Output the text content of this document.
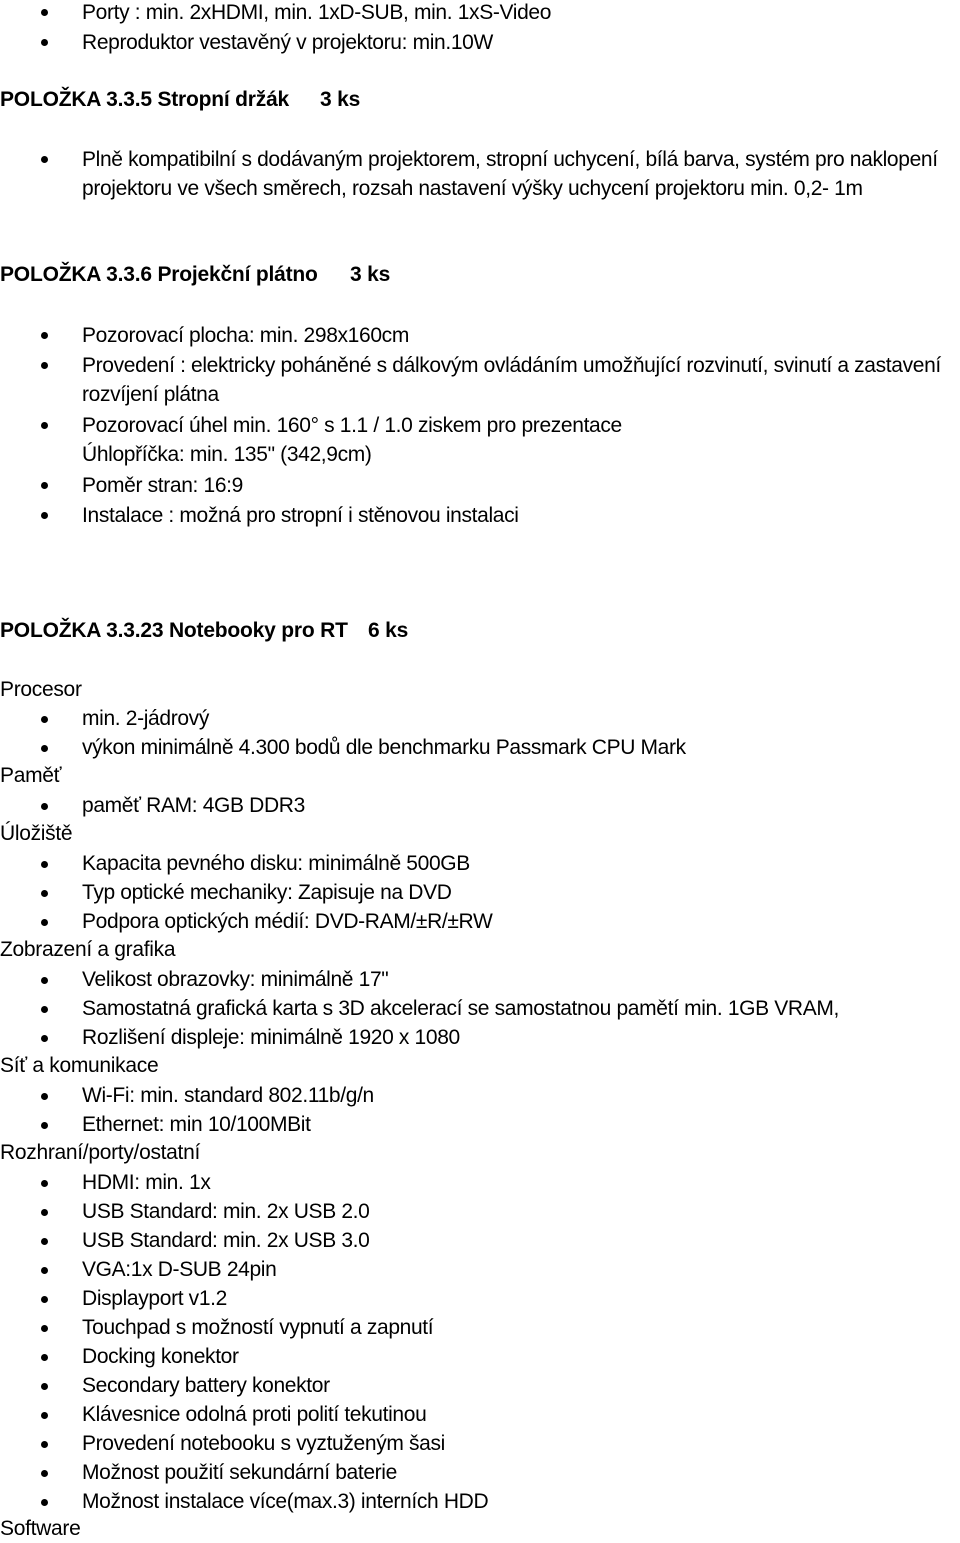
Porty : min. 2xHDMI, min. 1xD-SUB, min. 1xS-Video
Reproduktor vestavěný v projektoru: min.10W
POLOŽKA 3.3.5 Stropní držák 3 ks
Plně kompatibilní s dodávaným projektorem, stropní uchycení, bílá barva, systém pro naklopení
projektoru ve všech směrech, rozsah nastavení výšky uchycení projektoru min. 0,2- 1m
POLOŽKA 3.3.6 Projekční plátno 3 ks
Pozorovací plocha: min. 298x160cm
Provedení : elektricky poháněné s dálkovým ovládáním umožňující rozvinutí, svinutí a zastavení
rozvíjení plátna
Pozorovací úhel min. 160° s 1.1 / 1.0 ziskem pro prezentace
Úhlopříčka: min. 135" (342,9cm)
Poměr stran: 16:9
Instalace : možná pro stropní i stěnovou instalaci
POLOŽKA 3.3.23 Notebooky pro RT 6 ks
Procesor
min. 2-jádrový
výkon minimálně 4.300 bodů dle benchmarku Passmark CPU Mark
Paměť
paměť RAM: 4GB DDR3
Úložiště
Kapacita pevného disku: minimálně 500GB
Typ optické mechaniky: Zapisuje na DVD
Podpora optických médií: DVD-RAM/±R/±RW
Zobrazení a grafika
Velikost obrazovky: minimálně 17"
Samostatná grafická karta s 3D akcelerací se samostatnou pamětí min. 1GB VRAM,
Rozlišení displeje: minimálně 1920 x 1080
Síť a komunikace
Wi-Fi: min. standard 802.11b/g/n
Ethernet: min 10/100MBit
Rozhraní/porty/ostatní
HDMI: min. 1x
USB Standard: min. 2x USB 2.0
USB Standard: min. 2x USB 3.0
VGA:1x D-SUB 24pin
Displayport v1.2
Touchpad s možností vypnutí a zapnutí
Docking konektor
Secondary battery konektor
Klávesnice odolná proti polití tekutinou
Provedení notebooku s vyztuženým šasi
Možnost použití sekundární baterie
Možnost instalace více(max.3) interních HDD
Software
